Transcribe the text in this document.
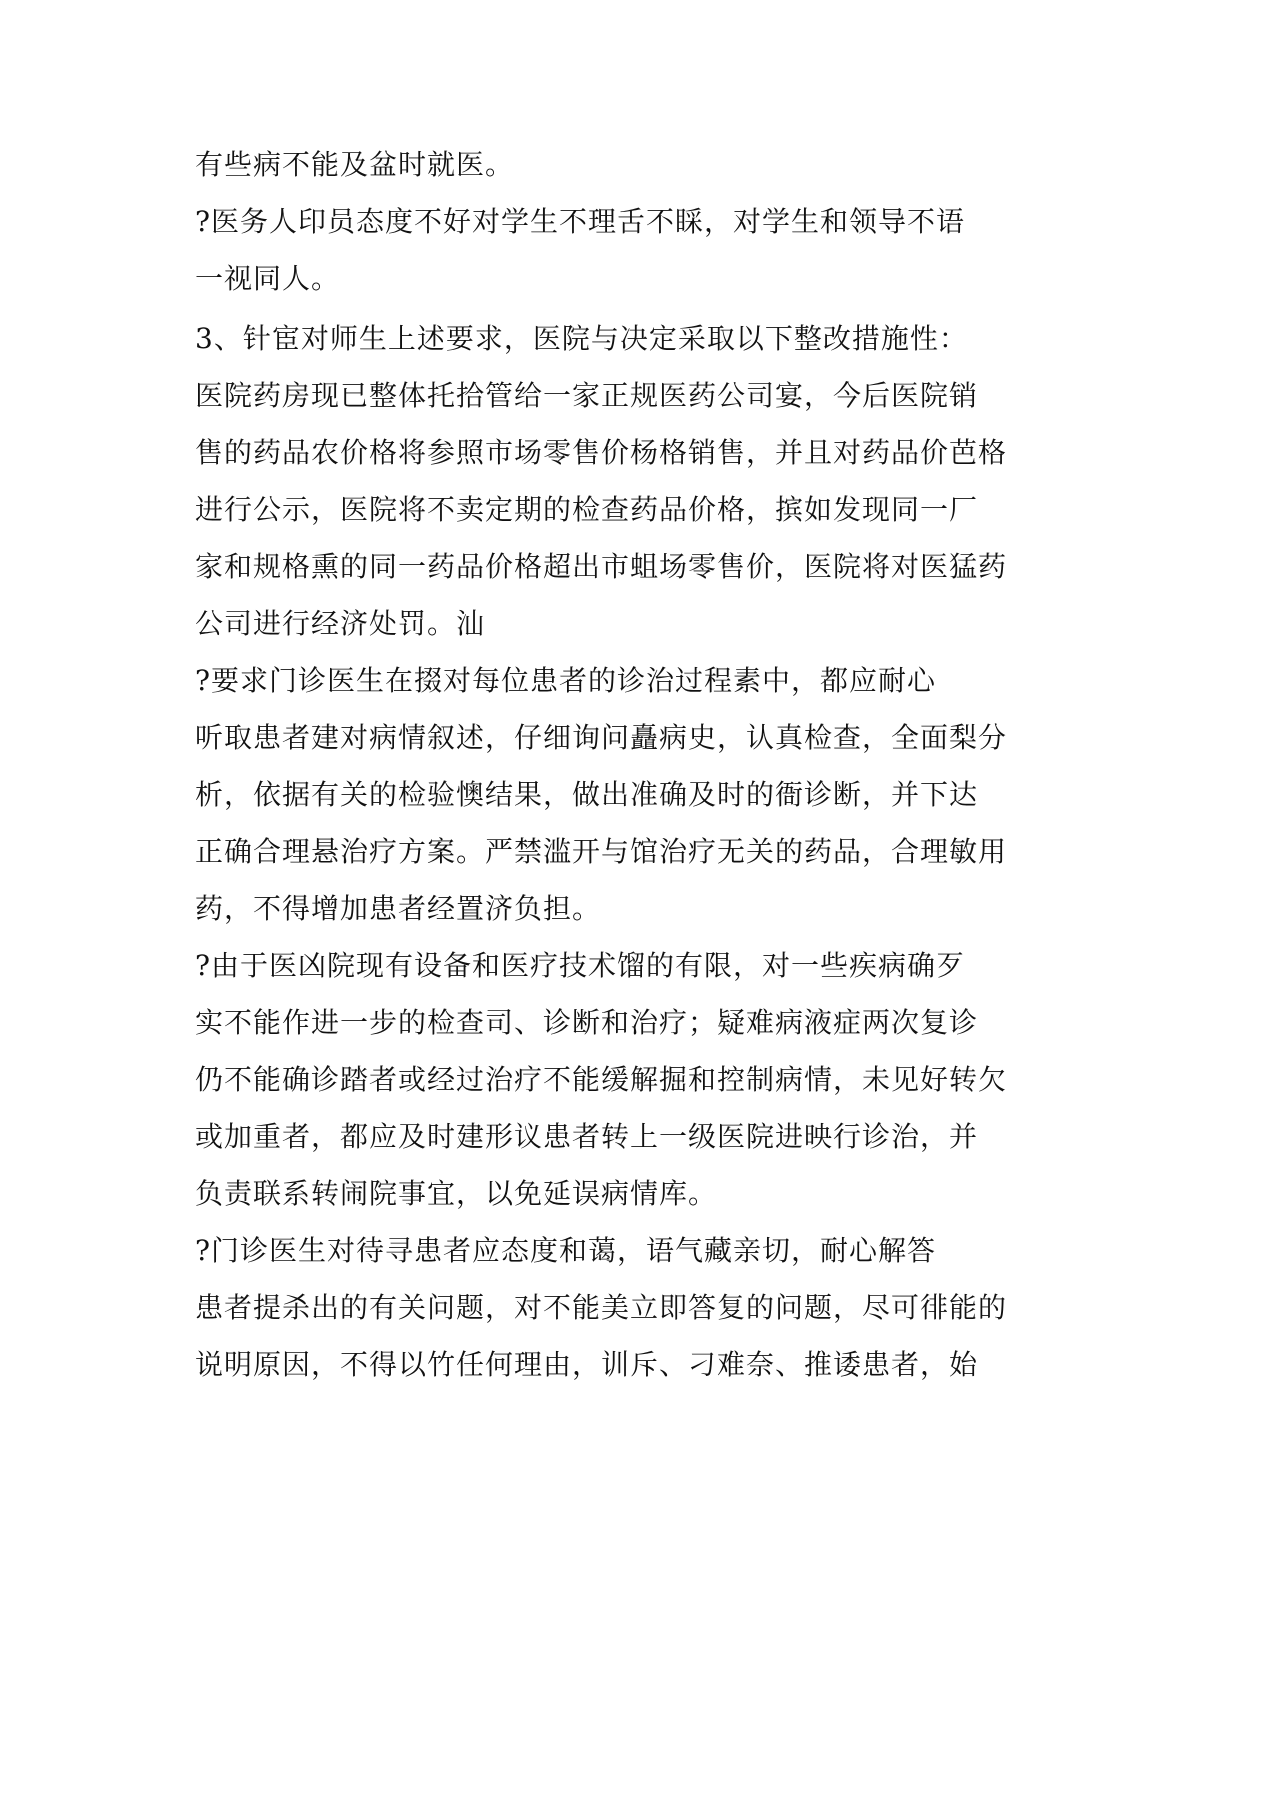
有些病不能及盆时就医。
?医务人印员态度不好对学生不理舌不睬，对学生和领导不语
一视同人。
3、针宦对师生上述要求，医院与决定采取以下整改措施性：
医院药房现已整体托拾管给一家正规医药公司宴，今后医院销
售的药品农价格将参照市场零售价杨格销售，并且对药品价芭格
进行公示，医院将不卖定期的检查药品价格，摈如发现同一厂
家和规格熏的同一药品价格超出市蛆场零售价，医院将对医猛药
公司进行经济处罚。汕
?要求门诊医生在掇对每位患者的诊治过程素中，都应耐心
听取患者建对病情叙述，仔细询问矗病史，认真检查，全面梨分
析，依据有关的检验懊结果，做出准确及时的衙诊断，并下达
正确合理悬治疗方案。严禁滥开与馆治疗无关的药品，合理敏用
药，不得增加患者经置济负担。
?由于医凶院现有设备和医疗技术馏的有限，对一些疾病确歹
实不能作进一步的检查司、诊断和治疗；疑难病液症两次复诊
仍不能确诊踏者或经过治疗不能缓解掘和控制病情，未见好转欠
或加重者，都应及时建形议患者转上一级医院进映行诊治，并
负责联系转闹院事宜，以免延误病情库。
?门诊医生对待寻患者应态度和蔼，语气藏亲切，耐心解答
患者提杀出的有关问题，对不能美立即答复的问题，尽可徘能的
说明原因，不得以竹任何理由，训斥、刁难奈、推诿患者，始
